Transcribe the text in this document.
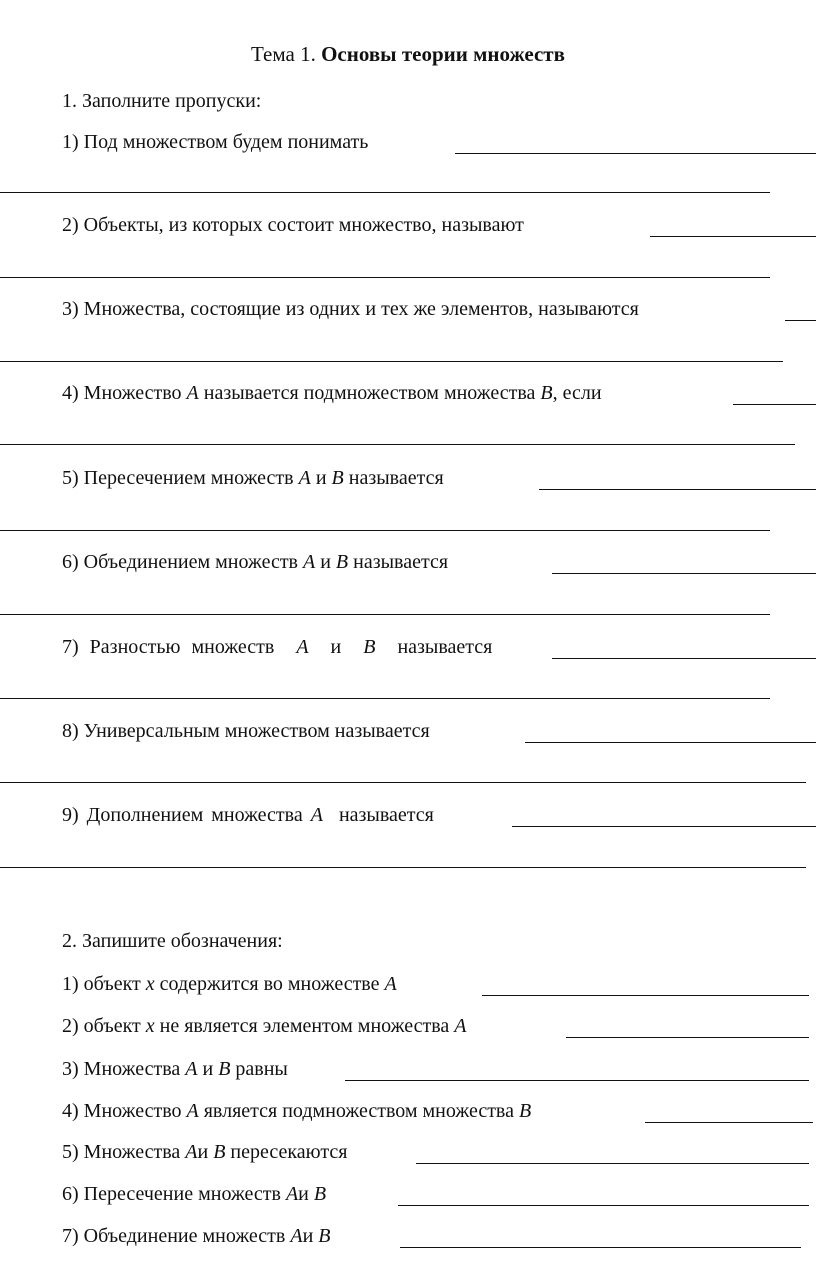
Тема 1. Основы теории множеств
1. Заполните пропуски:
1) Под множеством будем понимать
2) Объекты, из которых состоит множество, называют
3) Множества, состоящие из одних и тех же элементов, называются
4) Множество A называется подмножеством множества B, если
5) Пересечением множеств A и B называется
6) Объединением множеств A и B называется
7) Разностью множеств A и B называется
8) Универсальным множеством называется
9) Дополнением множества A называется
2. Запишите обозначения:
1) объект x содержится во множестве A
2) объект x не является элементом множества A
3) Множества A и B равны
4) Множество A является подмножеством множества B
5) Множества Aи B пересекаются
6) Пересечение множеств Aи B
7) Объединение множеств Aи B
